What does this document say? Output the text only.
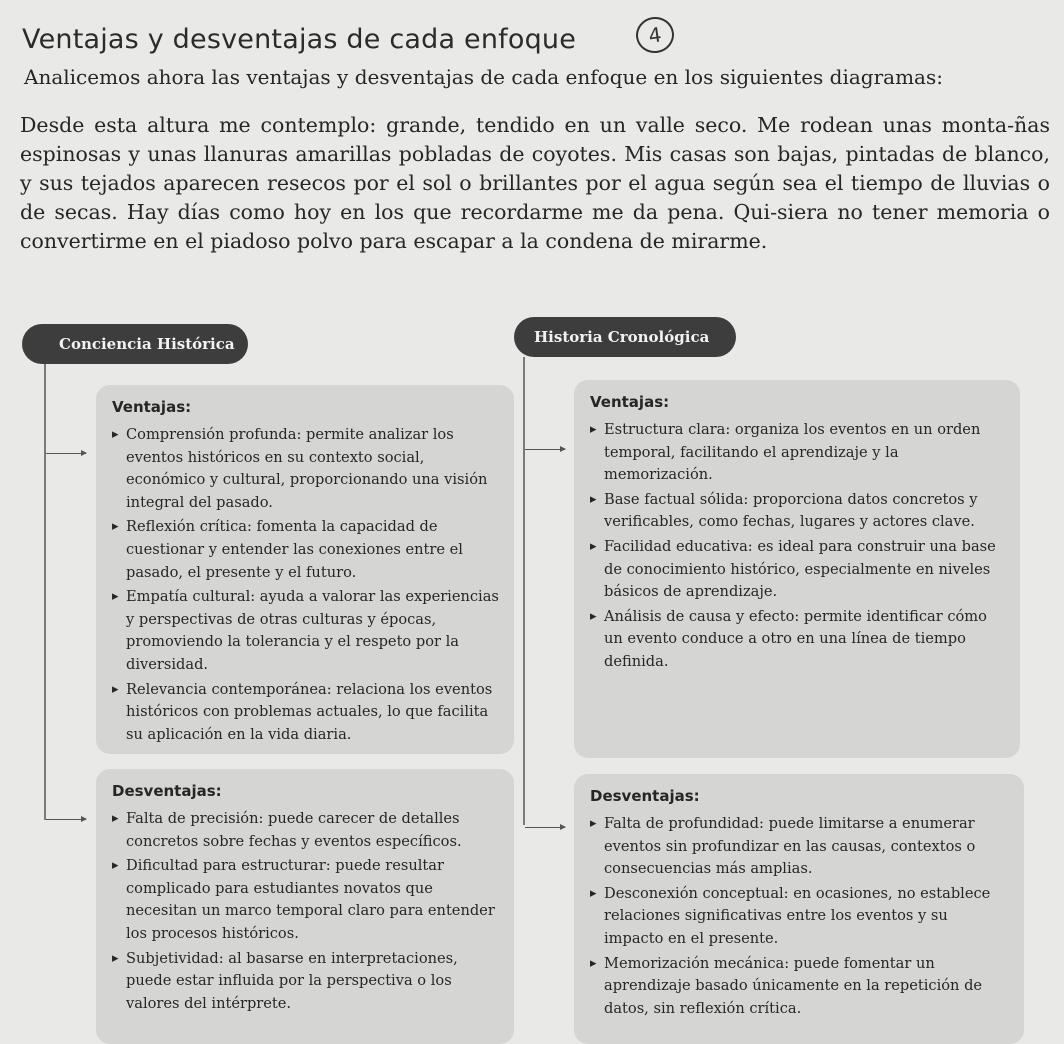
Ventajas y desventajas de cada enfoque	4

Analicemos ahora las ventajas y desventajas de cada enfoque en los siguientes diagramas:

Desde esta altura me contemplo: grande, tendido en un valle seco. Me rodean unas monta-ñas espinosas y unas llanuras amarillas pobladas de coyotes. Mis casas son bajas, pintadas de blanco, y sus tejados aparecen resecos por el sol o brillantes por el agua según sea el tiempo de lluvias o de secas. Hay días como hoy en los que recordarme me da pena. Qui-siera no tener memoria o convertirme en el piadoso polvo para escapar a la condena de mirarme.

Conciencia Histórica
Ventajas:
▸ Comprensión profunda: permite analizar los eventos históricos en su contexto social, económico y cultural, proporcionando una visión integral del pasado.
▸ Reflexión crítica: fomenta la capacidad de cuestionar y entender las conexiones entre el pasado, el presente y el futuro.
▸ Empatía cultural: ayuda a valorar las experiencias y perspectivas de otras culturas y épocas, promoviendo la tolerancia y el respeto por la diversidad.
▸ Relevancia contemporánea: relaciona los eventos históricos con problemas actuales, lo que facilita su aplicación en la vida diaria.
Desventajas:
▸ Falta de precisión: puede carecer de detalles concretos sobre fechas y eventos específicos.
▸ Dificultad para estructurar: puede resultar complicado para estudiantes novatos que necesitan un marco temporal claro para entender los procesos históricos.
▸ Subjetividad: al basarse en interpretaciones, puede estar influida por la perspectiva o los valores del intérprete.
Historia Cronológica
Ventajas:
▸ Estructura clara: organiza los eventos en un orden temporal, facilitando el aprendizaje y la memorización.
▸ Base factual sólida: proporciona datos concretos y verificables, como fechas, lugares y actores clave.
▸ Facilidad educativa: es ideal para construir una base de conocimiento histórico, especialmente en niveles básicos de aprendizaje.
▸ Análisis de causa y efecto: permite identificar cómo un evento conduce a otro en una línea de tiempo definida.
Desventajas:
▸ Falta de profundidad: puede limitarse a enumerar eventos sin profundizar en las causas, contextos o consecuencias más amplias.
▸ Desconexión conceptual: en ocasiones, no establece relaciones significativas entre los eventos y su impacto en el presente.
▸ Memorización mecánica: puede fomentar un aprendizaje basado únicamente en la repetición de datos, sin reflexión crítica.
